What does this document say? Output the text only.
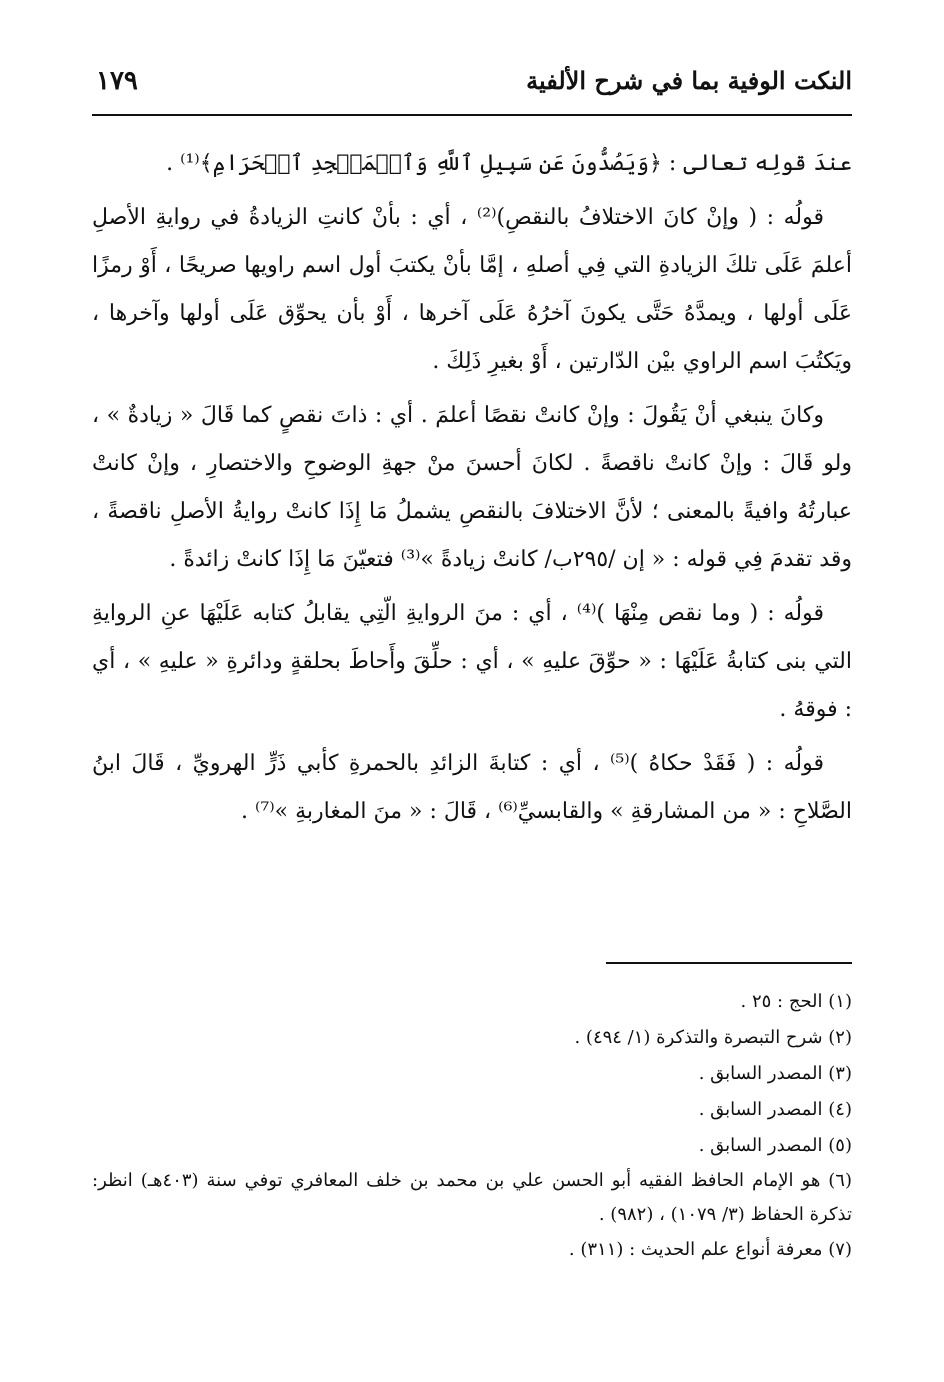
النكت الوفية بما في شرح الألفية
١٧٩

عندَ قولِه تعالى : ﴿وَيَصُدُّونَ عَن سَبِيلِ ٱللَّهِ وَٱلۡمَسۡجِدِ ٱلۡحَرَامِ﴾⁽¹⁾ .

قولُه : ( وإنْ كانَ الاختلافُ بالنقصِ)⁽²⁾ ، أي : بأنْ كانتِ الزيادةُ في روايةِ الأصلِ أعلمَ عَلَى تلكَ الزيادةِ التي فِي أصلهِ ، إمَّا بأنْ يكتبَ أول اسم راويها صريحًا ، أَوْ رمزًا عَلَى أولها ، ويمدَّهُ حَتَّى يكونَ آخرُهُ عَلَى آخرها ، أَوْ بأن يحوِّق عَلَى أولها وآخرها ، ويَكتُبَ اسم الراوي بيْن الدّارتين ، أَوْ بغيرِ ذَلِكَ .

وكانَ ينبغي أنْ يَقُولَ : وإنْ كانتْ نقصًا أعلمَ . أي : ذاتَ نقصٍ كما قَالَ « زيادةٌ » ، ولو قَالَ : وإنْ كانتْ ناقصةً . لكانَ أحسنَ منْ جهةِ الوضوحِ والاختصارِ ، وإنْ كانتْ عبارتُهُ وافيةً بالمعنى ؛ لأنَّ الاختلافَ بالنقصِ يشملُ مَا إِذَا كانتْ روايةُ الأصلِ ناقصةً ، وقد تقدمَ فِي قوله : « إن /٢٩٥ب/ كانتْ زيادةً »⁽³⁾ فتعيّنَ مَا إِذَا كانتْ زائدةً .

قولُه : ( وما نقص مِنْهَا )⁽⁴⁾ ، أي : منَ الروايةِ الّتِي يقابلُ كتابه عَلَيْهَا عنِ الروايةِ التي بنى كتابةُ عَلَيْهَا : « حوِّقَ عليهِ » ، أي : حلِّقَ وأَحاطَ بحلقةٍ ودائرةِ « عليهِ » ، أي : فوقهُ .

قولُه : ( فَقَدْ حكاهُ )⁽⁵⁾ ، أي : كتابةَ الزائدِ بالحمرةِ كأبي ذَرٍّ الهرويِّ ، قَالَ ابنُ الصَّلاحِ : « من المشارقةِ » والقابسيِّ⁽⁶⁾ ، قَالَ : « منَ المغاربةِ »⁽⁷⁾ .

(١) الحج : ٢٥ .

(٢) شرح التبصرة والتذكرة (١/ ٤٩٤) .

(٣) المصدر السابق .

(٤) المصدر السابق .

(٥) المصدر السابق .

(٦) هو الإمام الحافظ الفقيه أبو الحسن علي بن محمد بن خلف المعافري توفي سنة (٤٠٣هـ) انظر: تذكرة الحفاظ (٣/ ١٠٧٩) ، (٩٨٢) .

(٧) معرفة أنواع علم الحديث : (٣١١) .
